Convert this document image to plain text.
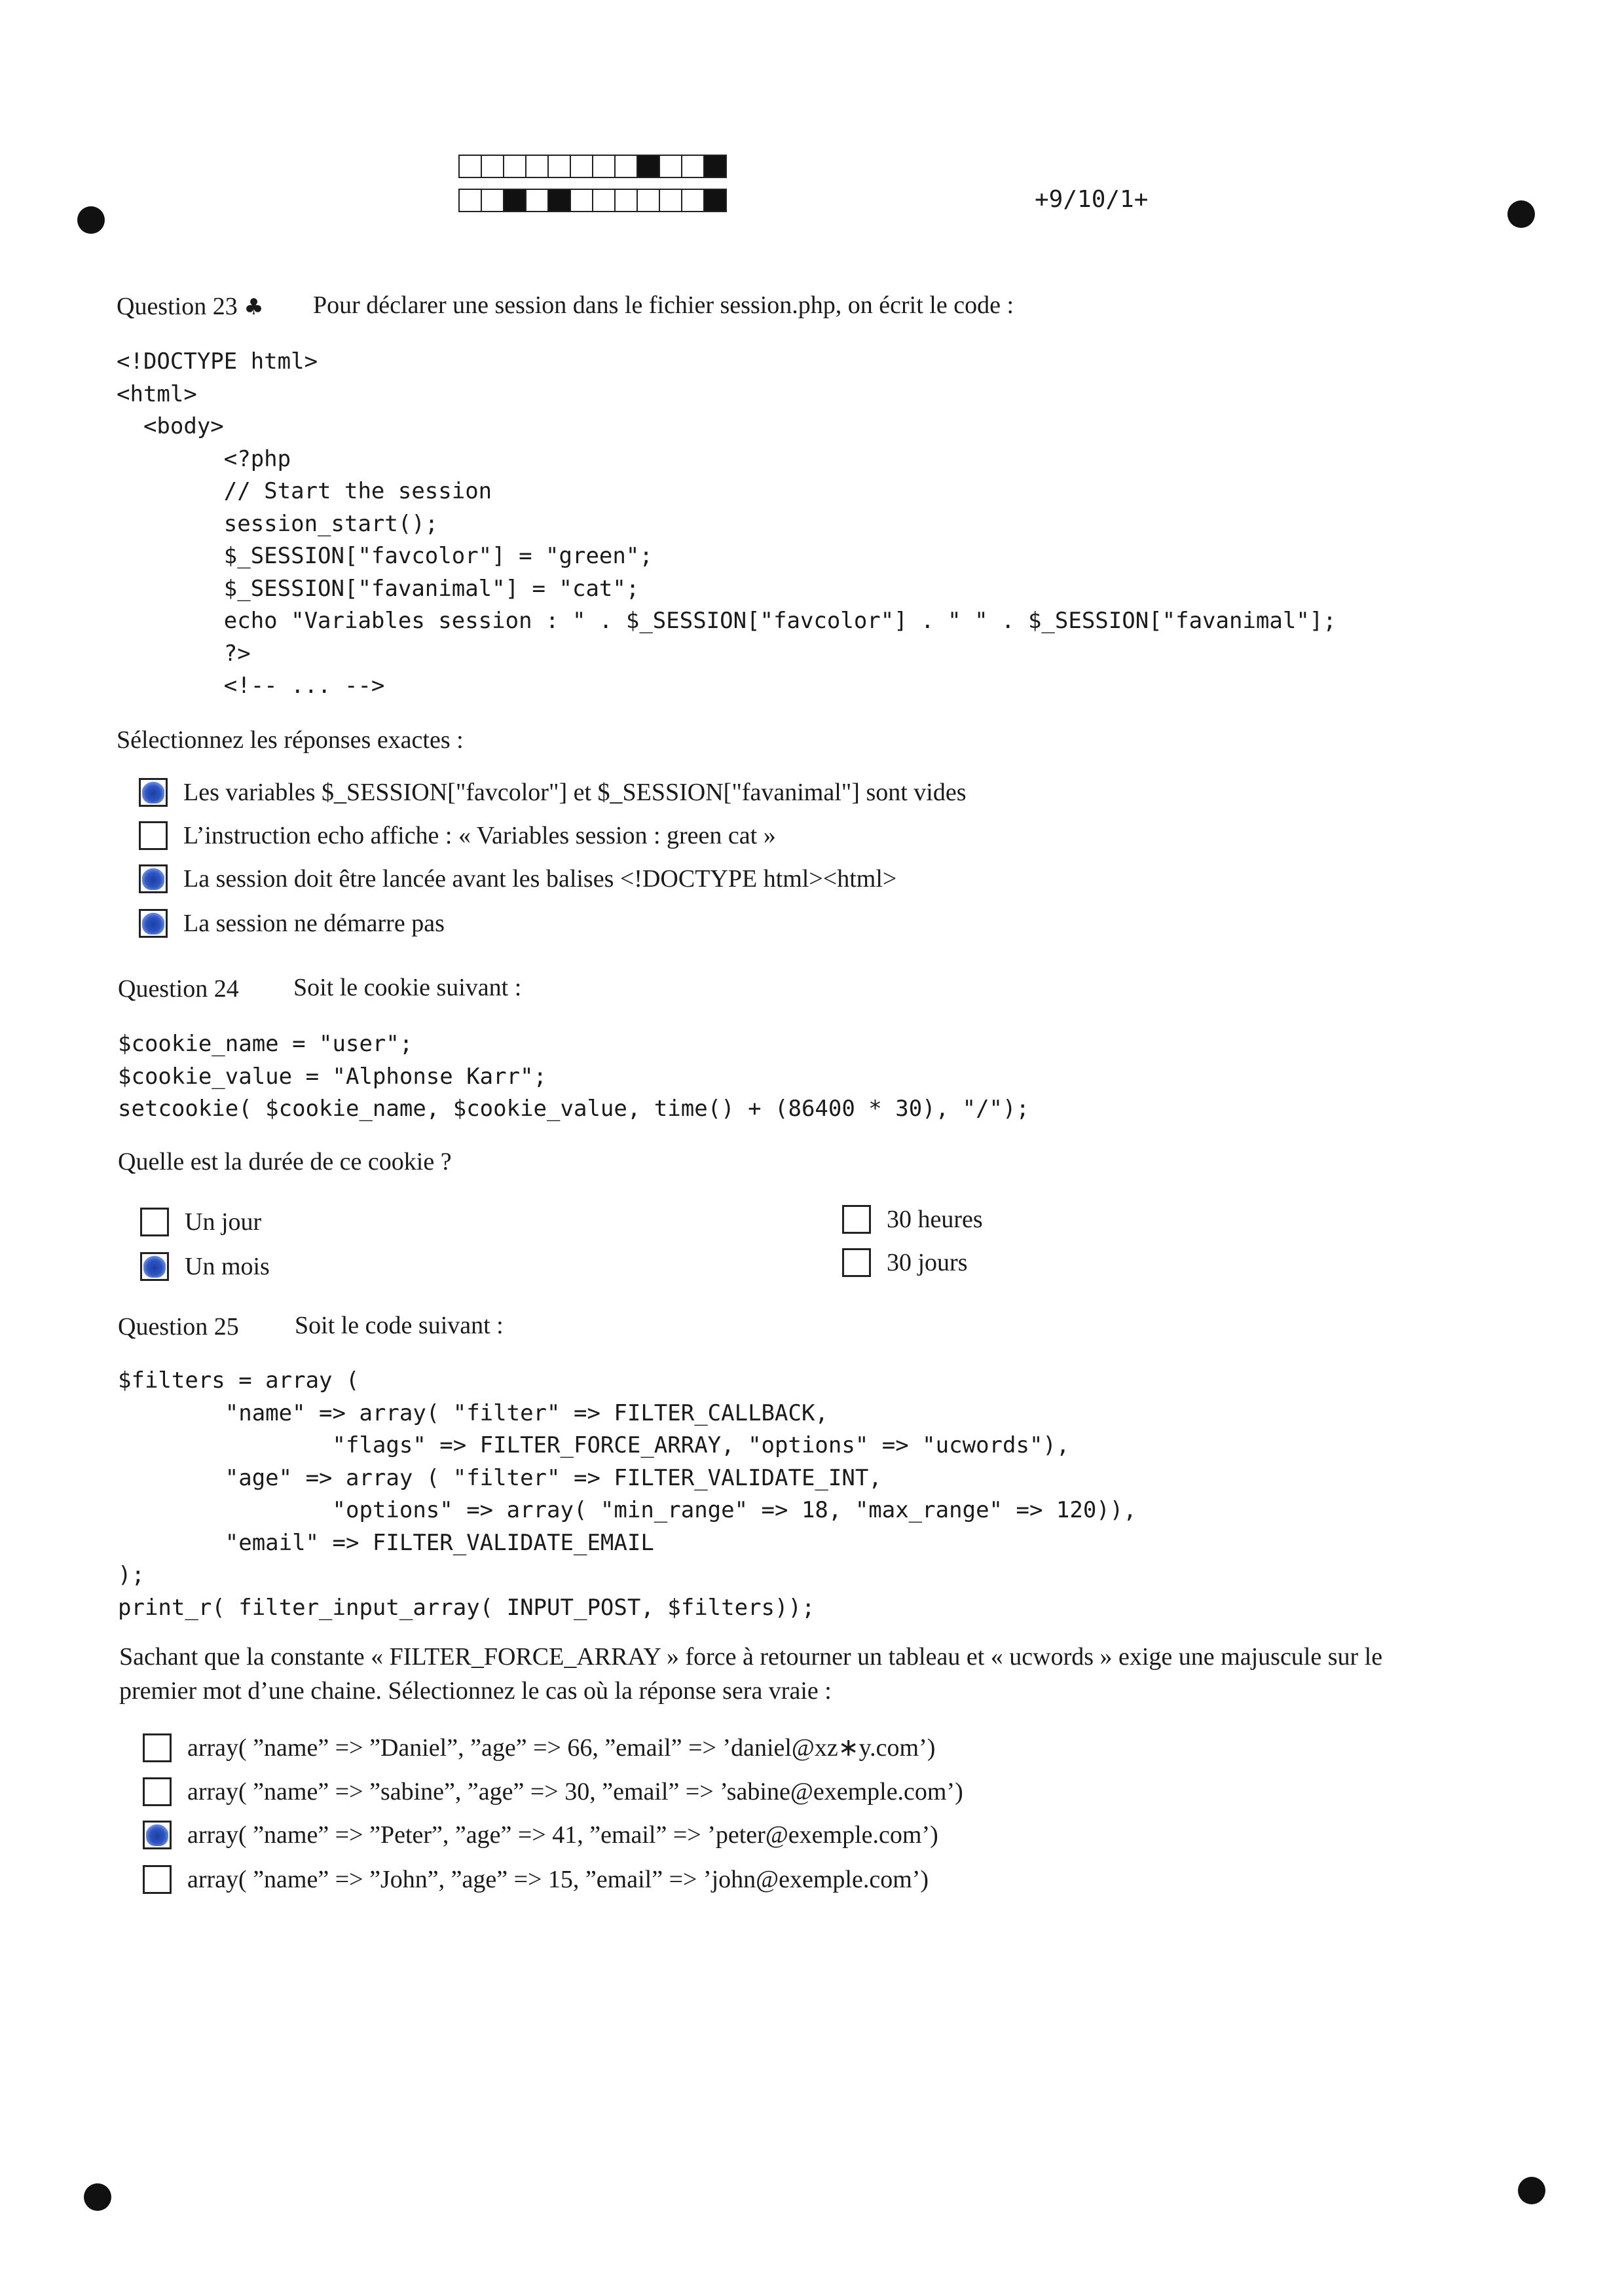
+9/10/1+
Question 23 ♣ Pour déclarer une session dans le fichier session.php, on écrit le code :
<!DOCTYPE html>
<html>
<body>
<?php
// Start the session
session_start();
$_SESSION["favcolor"] = "green";
$_SESSION["favanimal"] = "cat";
echo "Variables session : " . $_SESSION["favcolor"] . " " . $_SESSION["favanimal"];
?>
<!-- ... -->
Sélectionnez les réponses exactes :
Les variables $_SESSION["favcolor"] et $_SESSION["favanimal"] sont vides
L’instruction echo affiche : « Variables session : green cat »
La session doit être lancée avant les balises <!DOCTYPE html><html>
La session ne démarre pas
Question 24 Soit le cookie suivant :
$cookie_name = "user";
$cookie_value = "Alphonse Karr";
setcookie( $cookie_name, $cookie_value, time() + (86400 * 30), "/");
Quelle est la durée de ce cookie ?
Un jour
Un mois
30 heures
30 jours
Question 25 Soit le code suivant :
$filters = array (
"name" => array( "filter" => FILTER_CALLBACK,
"flags" => FILTER_FORCE_ARRAY, "options" => "ucwords"),
"age" => array ( "filter" => FILTER_VALIDATE_INT,
"options" => array( "min_range" => 18, "max_range" => 120)),
"email" => FILTER_VALIDATE_EMAIL
);
print_r( filter_input_array( INPUT_POST, $filters));
Sachant que la constante « FILTER_FORCE_ARRAY » force à retourner un tableau et « ucwords » exige une majuscule sur le
premier mot d’une chaine. Sélectionnez le cas où la réponse sera vraie :
array( ”name” => ”Daniel”, ”age” => 66, ”email” => ’daniel@xz∗y.com’)
array( ”name” => ”sabine”, ”age” => 30, ”email” => ’sabine@exemple.com’)
array( ”name” => ”Peter”, ”age” => 41, ”email” => ’peter@exemple.com’)
array( ”name” => ”John”, ”age” => 15, ”email” => ’john@exemple.com’)
